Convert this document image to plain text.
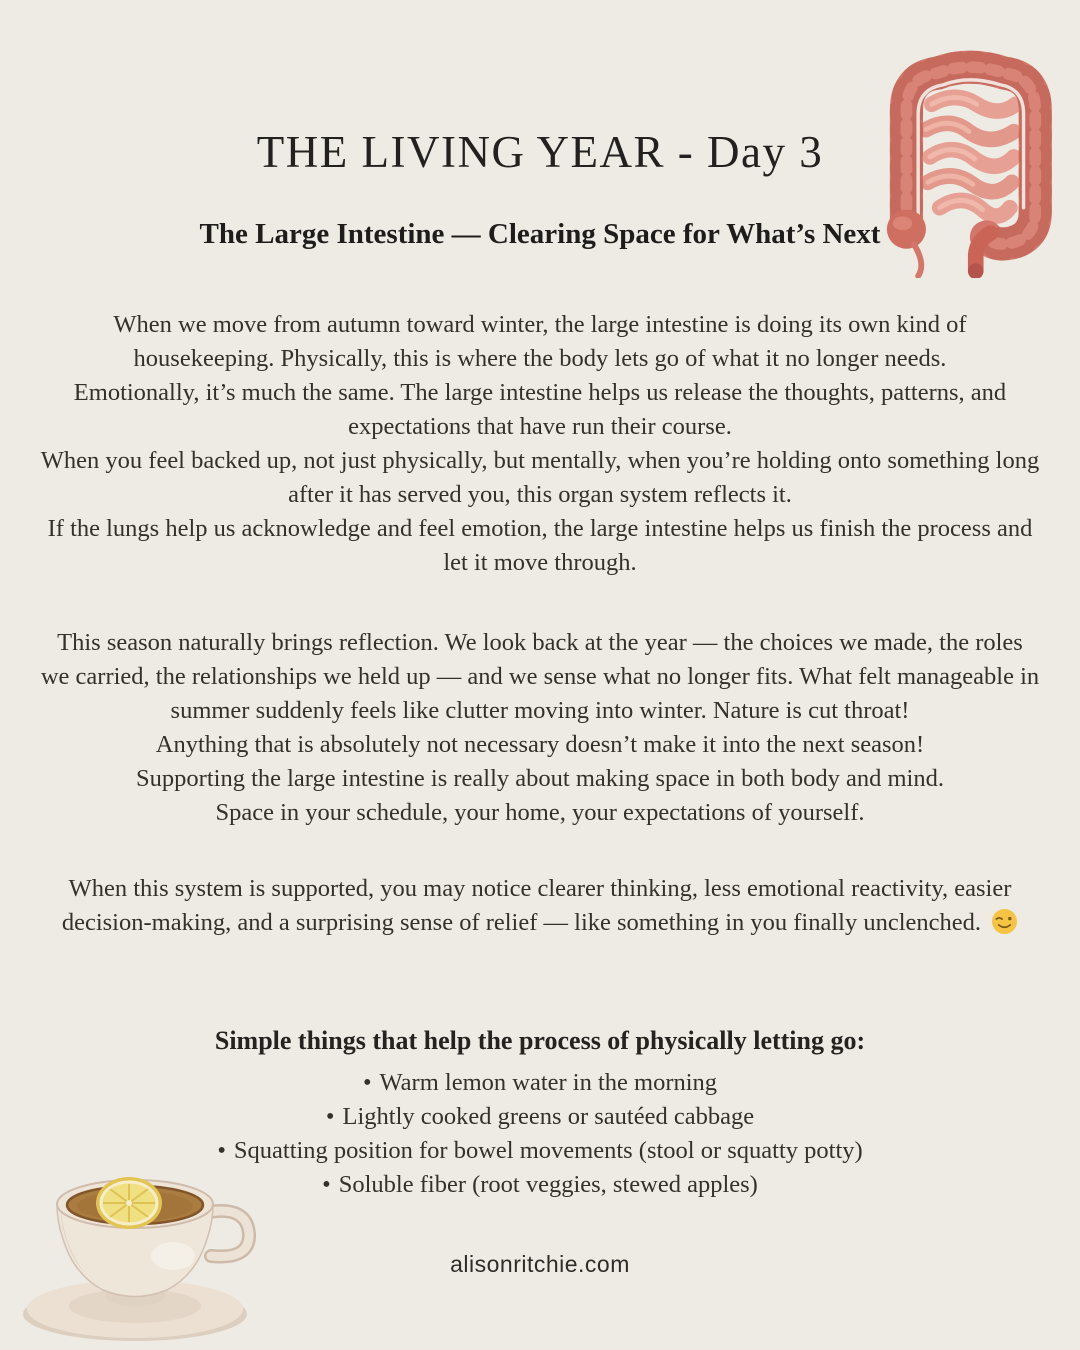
THE LIVING YEAR - Day 3
The Large Intestine — Clearing Space for What’s Next

When we move from autumn toward winter, the large intestine is doing its own kind of housekeeping. Physically, this is where the body lets go of what it no longer needs.

Emotionally, it’s much the same. The large intestine helps us release the thoughts, patterns, and expectations that have run their course.

When you feel backed up, not just physically, but mentally, when you’re holding onto something long after it has served you, this organ system reflects it.

If the lungs help us acknowledge and feel emotion, the large intestine helps us finish the process and let it move through.

This season naturally brings reflection. We look back at the year — the choices we made, the roles we carried, the relationships we held up — and we sense what no longer fits. What felt manageable in summer suddenly feels like clutter moving into winter. Nature is cut throat!

Anything that is absolutely not necessary doesn’t make it into the next season!

Supporting the large intestine is really about making space in both body and mind.

Space in your schedule, your home, your expectations of yourself.

When this system is supported, you may notice clearer thinking, less emotional reactivity, easier decision-making, and a surprising sense of relief — like something in you finally unclenched.

Simple things that help the process of physically letting go:

• Warm lemon water in the morning

• Lightly cooked greens or sautéed cabbage

• Squatting position for bowel movements (stool or squatty potty)

• Soluble fiber (root veggies, stewed apples)

alisonritchie.com
